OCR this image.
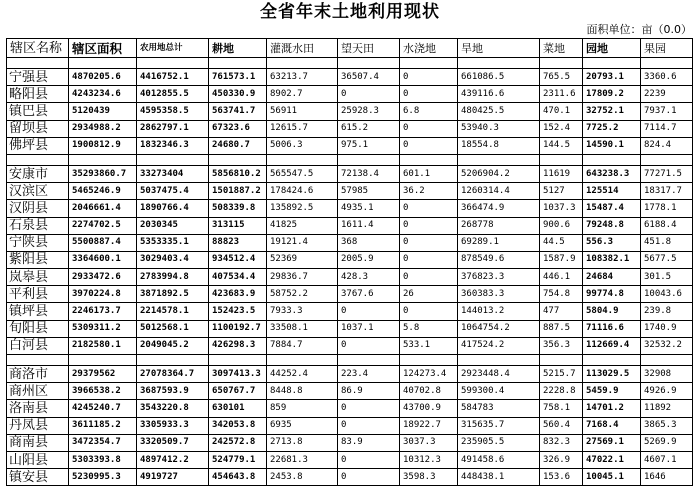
全省年末土地利用现状
面积单位：亩（0.0）
辖区名称	辖区面积	农用地总计	耕地	灌溉水田	望天田	水浇地	旱地	菜地	园地	果园

宁强县	4870205.6	4416752.1	761573.1	63213.7	36507.4	0	661086.5	765.5	20793.1	3360.6
略阳县	4243234.6	4012855.5	450330.9	8902.7	0	0	439116.6	2311.6	17809.2	2239
镇巴县	5120439	4595358.5	563741.7	56911	25928.3	6.8	480425.5	470.1	32752.1	7937.1
留坝县	2934988.2	2862797.1	67323.6	12615.7	615.2	0	53940.3	152.4	7725.2	7114.7
佛坪县	1900812.9	1832346.3	24680.7	5006.3	975.1	0	18554.8	144.5	14590.1	824.4

安康市	35293860.7	33273404	5856810.2	565547.5	72138.4	601.1	5206904.2	11619	643238.3	77271.5
汉滨区	5465246.9	5037475.4	1501887.2	178424.6	57985	36.2	1260314.4	5127	125514	18317.7
汉阴县	2046661.4	1890766.4	508339.8	135892.5	4935.1	0	366474.9	1037.3	15487.4	1778.1
石泉县	2274702.5	2030345	313115	41825	1611.4	0	268778	900.6	79248.8	6188.4
宁陕县	5500887.4	5353335.1	88823	19121.4	368	0	69289.1	44.5	556.3	451.8
紫阳县	3364600.1	3029403.4	934512.4	52369	2005.9	0	878549.6	1587.9	108382.1	5677.5
岚皋县	2933472.6	2783994.8	407534.4	29836.7	428.3	0	376823.3	446.1	24684	301.5
平利县	3970224.8	3871892.5	423683.9	58752.2	3767.6	26	360383.3	754.8	99774.8	10043.6
镇坪县	2246173.7	2214578.1	152423.5	7933.3	0	0	144013.2	477	5804.9	239.8
旬阳县	5309311.2	5012568.1	1100192.7	33508.1	1037.1	5.8	1064754.2	887.5	71116.6	1740.9
白河县	2182580.1	2049045.2	426298.3	7884.7	0	533.1	417524.2	356.3	112669.4	32532.2

商洛市	29379562	27078364.7	3097413.3	44252.4	223.4	124273.4	2923448.4	5215.7	113029.5	32908
商州区	3966538.2	3687593.9	650767.7	8448.8	86.9	40702.8	599300.4	2228.8	5459.9	4926.9
洛南县	4245240.7	3543220.8	630101	859	0	43700.9	584783	758.1	14701.2	11892
丹凤县	3611185.2	3305933.3	342053.8	6935	0	18922.7	315635.7	560.4	7168.4	3865.3
商南县	3472354.7	3320509.7	242572.8	2713.8	83.9	3037.3	235905.5	832.3	27569.1	5269.9
山阳县	5303393.8	4897412.2	524779.1	22681.3	0	10312.3	491458.6	326.9	47022.1	4607.1
镇安县	5230995.3	4919727	454643.8	2453.8	0	3598.3	448438.1	153.6	10045.1	1646
